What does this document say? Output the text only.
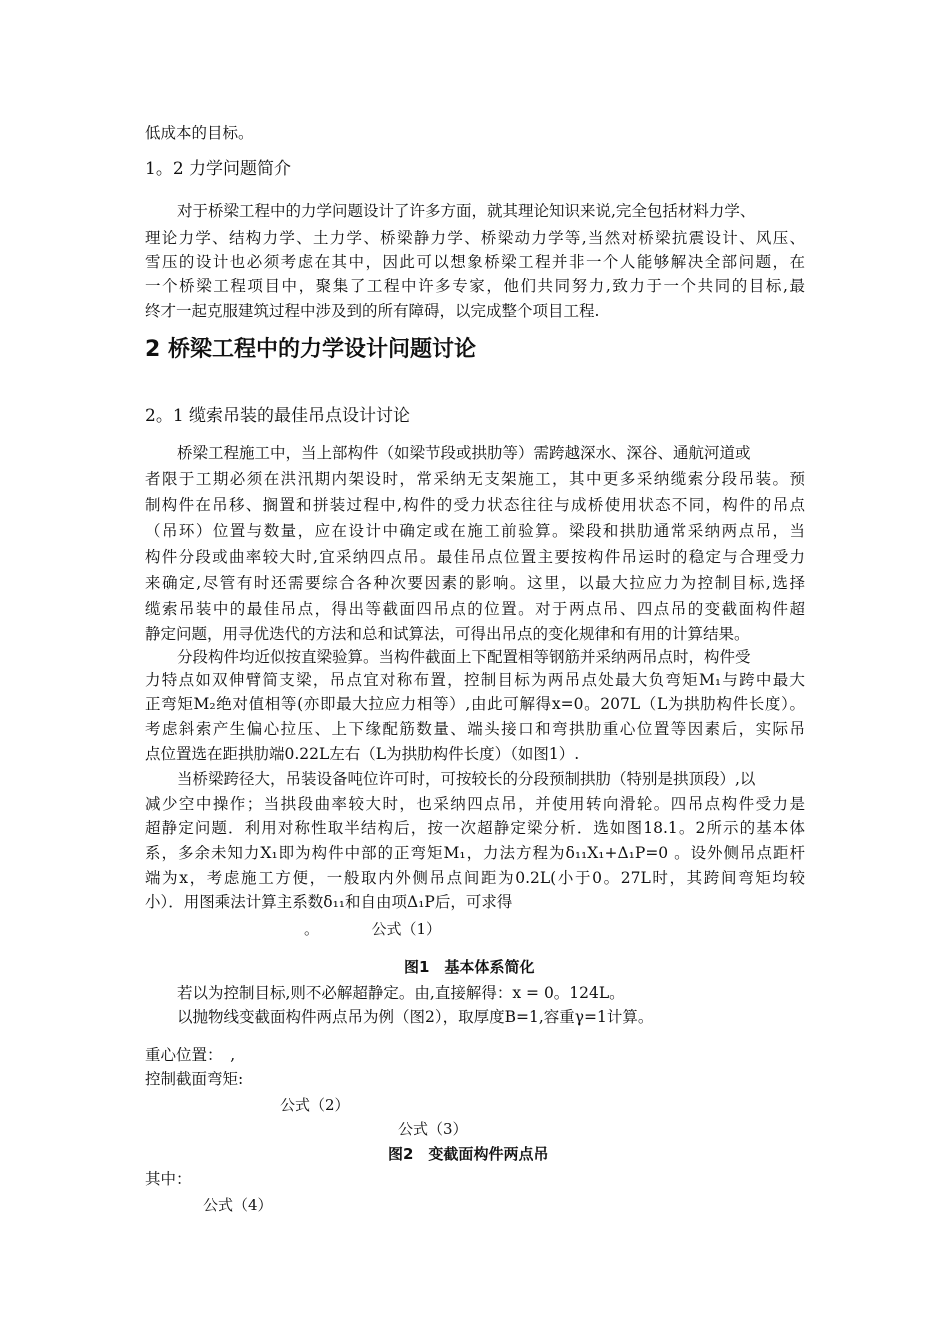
低成本的目标。
1。2 力学问题简介
对于桥梁工程中的力学问题设计了许多方面，就其理论知识来说,完全包括材料力学、
理论力学、结构力学、土力学、桥梁静力学、桥梁动力学等,当然对桥梁抗震设计、风压、
雪压的设计也必须考虑在其中，因此可以想象桥梁工程并非一个人能够解决全部问题，在
一个桥梁工程项目中，聚集了工程中许多专家，他们共同努力,致力于一个共同的目标,最
终才一起克服建筑过程中涉及到的所有障碍，以完成整个项目工程.
2 桥梁工程中的力学设计问题讨论
2。1 缆索吊装的最佳吊点设计讨论
桥梁工程施工中，当上部构件（如梁节段或拱肋等）需跨越深水、深谷、通航河道或
者限于工期必须在洪汛期内架设时，常采纳无支架施工，其中更多采纳缆索分段吊装。预
制构件在吊移、搁置和拼装过程中,构件的受力状态往往与成桥使用状态不同，构件的吊点
（吊环）位置与数量，应在设计中确定或在施工前验算。梁段和拱肋通常采纳两点吊，当
构件分段或曲率较大时,宜采纳四点吊。最佳吊点位置主要按构件吊运时的稳定与合理受力
来确定,尽管有时还需要综合各种次要因素的影响。这里，以最大拉应力为控制目标,选择
缆索吊装中的最佳吊点，得出等截面四吊点的位置。对于两点吊、四点吊的变截面构件超
静定问题，用寻优迭代的方法和总和试算法，可得出吊点的变化规律和有用的计算结果。
分段构件均近似按直梁验算。当构件截面上下配置相等钢筋并采纳两吊点时，构件受
力特点如双伸臂简支梁，吊点宜对称布置，控制目标为两吊点处最大负弯矩M₁与跨中最大
正弯矩M₂绝对值相等(亦即最大拉应力相等）,由此可解得x=0。207L（L为拱肋构件长度）。
考虑斜索产生偏心拉压、上下缘配筋数量、端头接口和弯拱肋重心位置等因素后，实际吊
点位置选在距拱肋端0.22L左右（L为拱肋构件长度）（如图1）.
当桥梁跨径大，吊装设备吨位许可时，可按较长的分段预制拱肋（特别是拱顶段）,以
减少空中操作；当拱段曲率较大时，也采纳四点吊，并使用转向滑轮。四吊点构件受力是
超静定问题．利用对称性取半结构后，按一次超静定梁分析．选如图18.1。2所示的基本体
系，多余未知力X₁即为构件中部的正弯矩M₁，力法方程为δ₁₁X₁+Δ₁P=0 。设外侧吊点距杆
端为x，考虑施工方便，一般取内外侧吊点间距为0.2L(小于0。27L时，其跨间弯矩均较
小）．用图乘法计算主系数δ₁₁和自由项Δ₁P后，可求得
。　　　　公式（1）
图1　基本体系简化
若以为控制目标,则不必解超静定。由,直接解得：x = 0。124L。
以抛物线变截面构件两点吊为例（图2），取厚度B=1,容重γ=1计算。
重心位置：　,
控制截面弯矩:
公式（2）
公式（3）
图2　变截面构件两点吊
其中：
公式（4）
